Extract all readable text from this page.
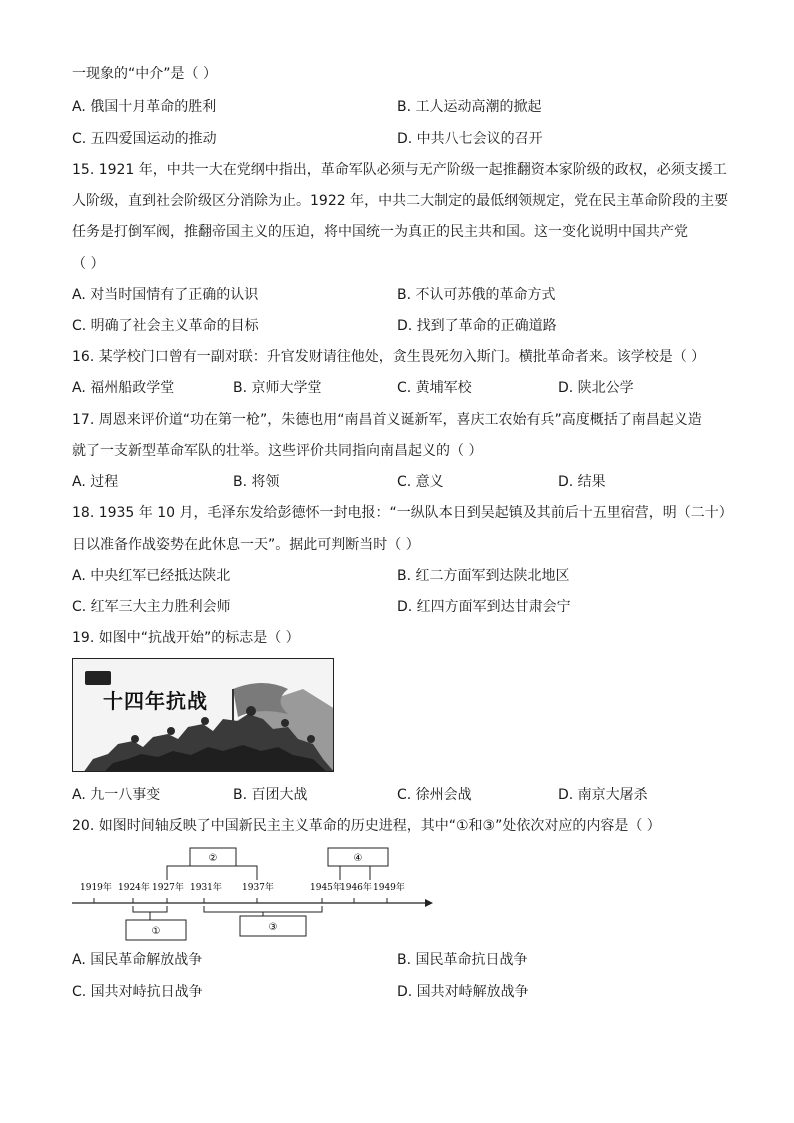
一现象的“中介”是（ ）
A. 俄国十月革命的胜利	B. 工人运动高潮的掀起
C. 五四爱国运动的推动	D. 中共八七会议的召开
15. 1921 年，中共一大在党纲中指出，革命军队必须与无产阶级一起推翻资本家阶级的政权，必须支援工
人阶级，直到社会阶级区分消除为止。1922 年，中共二大制定的最低纲领规定，党在民主革命阶段的主要
任务是打倒军阀，推翻帝国主义的压迫，将中国统一为真正的民主共和国。这一变化说明中国共产党
（ ）
A. 对当时国情有了正确的认识	B. 不认可苏俄的革命方式
C. 明确了社会主义革命的目标	D. 找到了革命的正确道路
16. 某学校门口曾有一副对联：升官发财请往他处，贪生畏死勿入斯门。横批革命者来。该学校是（ ）
A. 福州船政学堂	B. 京师大学堂	C. 黄埔军校	D. 陕北公学
17. 周恩来评价道“功在第一枪”，朱德也用“南昌首义诞新军，喜庆工农始有兵”高度概括了南昌起义造
就了一支新型革命军队的壮举。这些评价共同指向南昌起义的（ ）
A. 过程	B. 将领	C. 意义	D. 结果
18. 1935 年 10 月，毛泽东发给彭德怀一封电报：“一纵队本日到吴起镇及其前后十五里宿营，明（二十）
日以准备作战姿势在此休息一天”。据此可判断当时（ ）
A. 中央红军已经抵达陕北	B. 红二方面军到达陕北地区
C. 红军三大主力胜利会师	D. 红四方面军到达甘肃会宁
19. 如图中“抗战开始”的标志是（ ）
十四年抗战
A. 九一八事变	B. 百团大战	C. 徐州会战	D. 南京大屠杀
20. 如图时间轴反映了中国新民主主义革命的历史进程，其中“①和③”处依次对应的内容是（ ）
1919年 1924年 1927年 1931年 1937年	1945年
1946年 1949年
②	④
①	③
A. 国民革命解放战争	B. 国民革命抗日战争
C. 国共对峙抗日战争	D. 国共对峙解放战争
